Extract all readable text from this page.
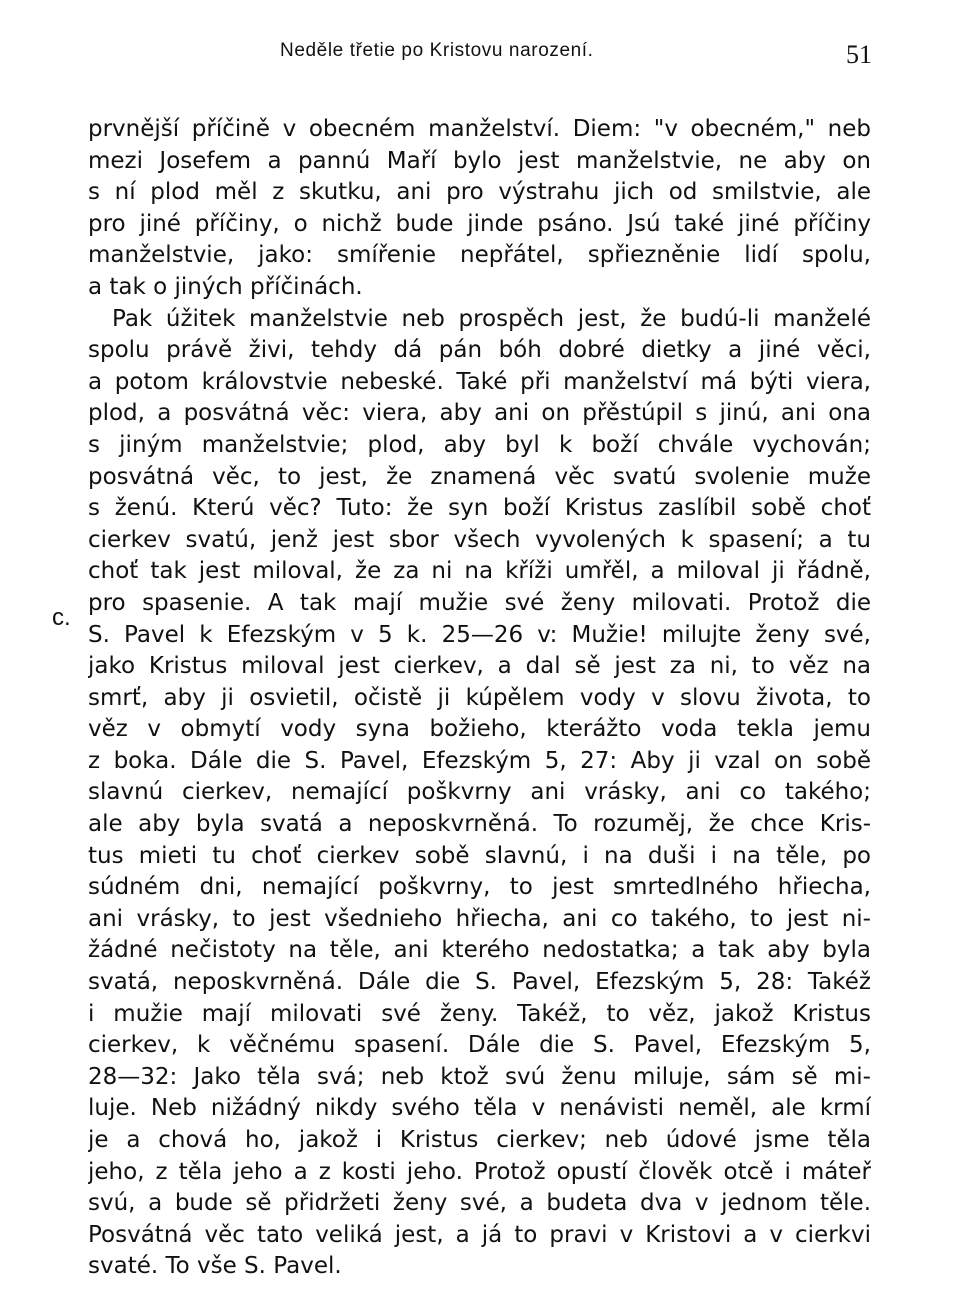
Neděle třetie po Kristovu narození.	51
c.
prvnější příčině v obecném manželství. Diem: "v obecném," neb
mezi Josefem a pannú Maří bylo jest manželstvie, ne aby on
s ní plod měl z skutku, ani pro výstrahu jich od smilstvie, ale
pro jiné příčiny, o nichž bude jinde psáno. Jsú také jiné příčiny
manželstvie, jako: smířenie nepřátel, spřiezněnie lidí spolu,
a tak o jiných příčinách.
Pak úžitek manželstvie neb prospěch jest, že budú-li manželé
spolu právě živi, tehdy dá pán bóh dobré dietky a jiné věci,
a potom královstvie nebeské. Také při manželství má býti viera,
plod, a posvátná věc: viera, aby ani on přěstúpil s jinú, ani ona
s jiným manželstvie; plod, aby byl k boží chvále vychován;
posvátná věc, to jest, že znamená věc svatú svolenie muže
s ženú. Kterú věc? Tuto: že syn boží Kristus zaslíbil sobě choť
cierkev svatú, jenž jest sbor všech vyvolených k spasení; a tu
choť tak jest miloval, že za ni na kříži umřěl, a miloval ji řádně,
pro spasenie. A tak mají mužie své ženy milovati. Protož die
S. Pavel k Efezským v 5 k. 25—26 v: Mužie! milujte ženy své,
jako Kristus miloval jest cierkev, a dal sě jest za ni, to věz na
smrť, aby ji osvietil, očistě ji kúpělem vody v slovu života, to
věz v obmytí vody syna božieho, kterážto voda tekla jemu
z boka. Dále die S. Pavel, Efezským 5, 27: Aby ji vzal on sobě
slavnú cierkev, nemající poškvrny ani vrásky, ani co takého;
ale aby byla svatá a neposkvrněná. To rozuměj, že chce Kris-
tus mieti tu choť cierkev sobě slavnú, i na duši i na těle, po
súdném dni, nemající poškvrny, to jest smrtedlného hřiecha,
ani vrásky, to jest všednieho hřiecha, ani co takého, to jest ni-
žádné nečistoty na těle, ani kterého nedostatka; a tak aby byla
svatá, neposkvrněná. Dále die S. Pavel, Efezským 5, 28: Takéž
i mužie mají milovati své ženy. Takéž, to věz, jakož Kristus
cierkev, k věčnému spasení. Dále die S. Pavel, Efezským 5,
28—32: Jako těla svá; neb ktož svú ženu miluje, sám sě mi-
luje. Neb nižádný nikdy svého těla v nenávisti neměl, ale krmí
je a chová ho, jakož i Kristus cierkev; neb údové jsme těla
jeho, z těla jeho a z kosti jeho. Protož opustí člověk otcě i máteř
svú, a bude sě přidržeti ženy své, a budeta dva v jednom těle.
Posvátná věc tato veliká jest, a já to pravi v Kristovi a v cierkvi
svaté. To vše S. Pavel.
